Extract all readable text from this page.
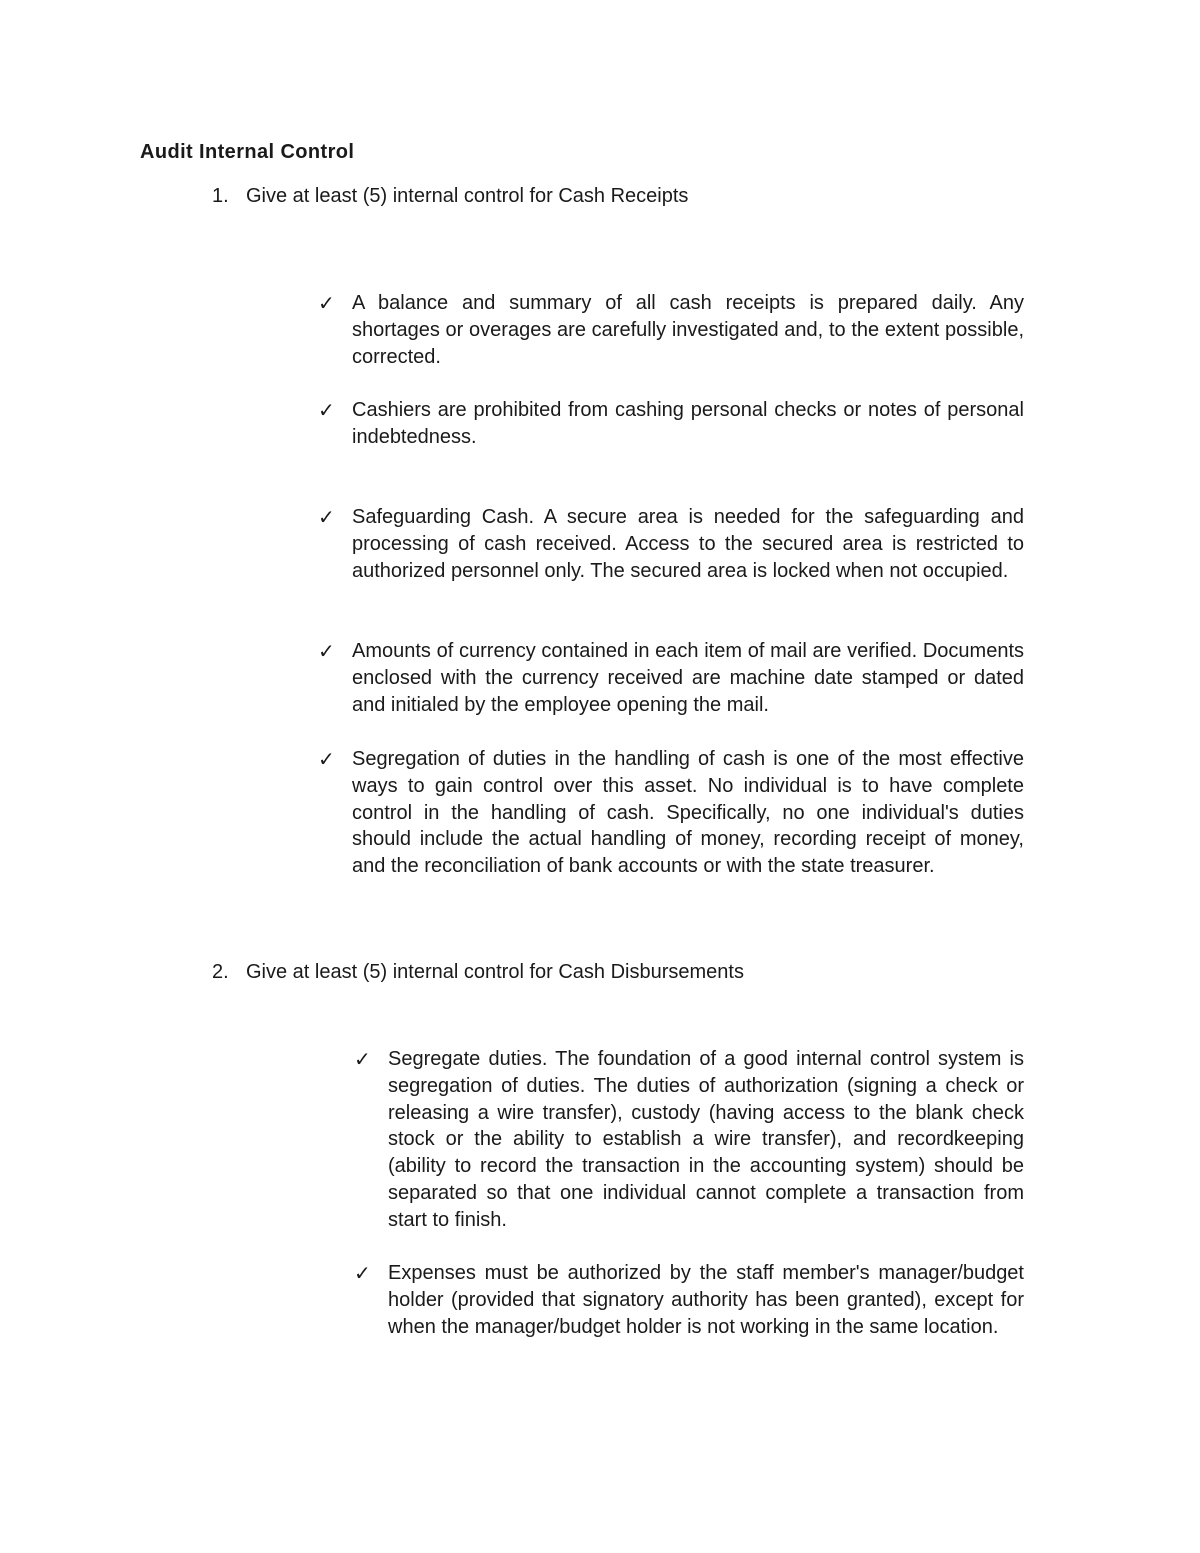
Audit Internal Control
1. Give at least (5) internal control for Cash Receipts
✓ A balance and summary of all cash receipts is prepared daily. Any shortages or overages are carefully investigated and, to the extent possible, corrected.

✓ Cashiers are prohibited from cashing personal checks or notes of personal indebtedness.

✓ Safeguarding Cash. A secure area is needed for the safeguarding and processing of cash received. Access to the secured area is restricted to authorized personnel only. The secured area is locked when not occupied.

✓ Amounts of currency contained in each item of mail are verified. Documents enclosed with the currency received are machine date stamped or dated and initialed by the employee opening the mail.

✓ Segregation of duties in the handling of cash is one of the most effective ways to gain control over this asset. No individual is to have complete control in the handling of cash. Specifically, no one individual's duties should include the actual handling of money, recording receipt of money, and the reconciliation of bank accounts or with the state treasurer.

2. Give at least (5) internal control for Cash Disbursements
✓ Segregate duties. The foundation of a good internal control system is segregation of duties. The duties of authorization (signing a check or releasing a wire transfer), custody (having access to the blank check stock or the ability to establish a wire transfer), and recordkeeping (ability to record the transaction in the accounting system) should be separated so that one individual cannot complete a transaction from start to finish.

✓ Expenses must be authorized by the staff member's manager/budget holder (provided that signatory authority has been granted), except for when the manager/budget holder is not working in the same location.
